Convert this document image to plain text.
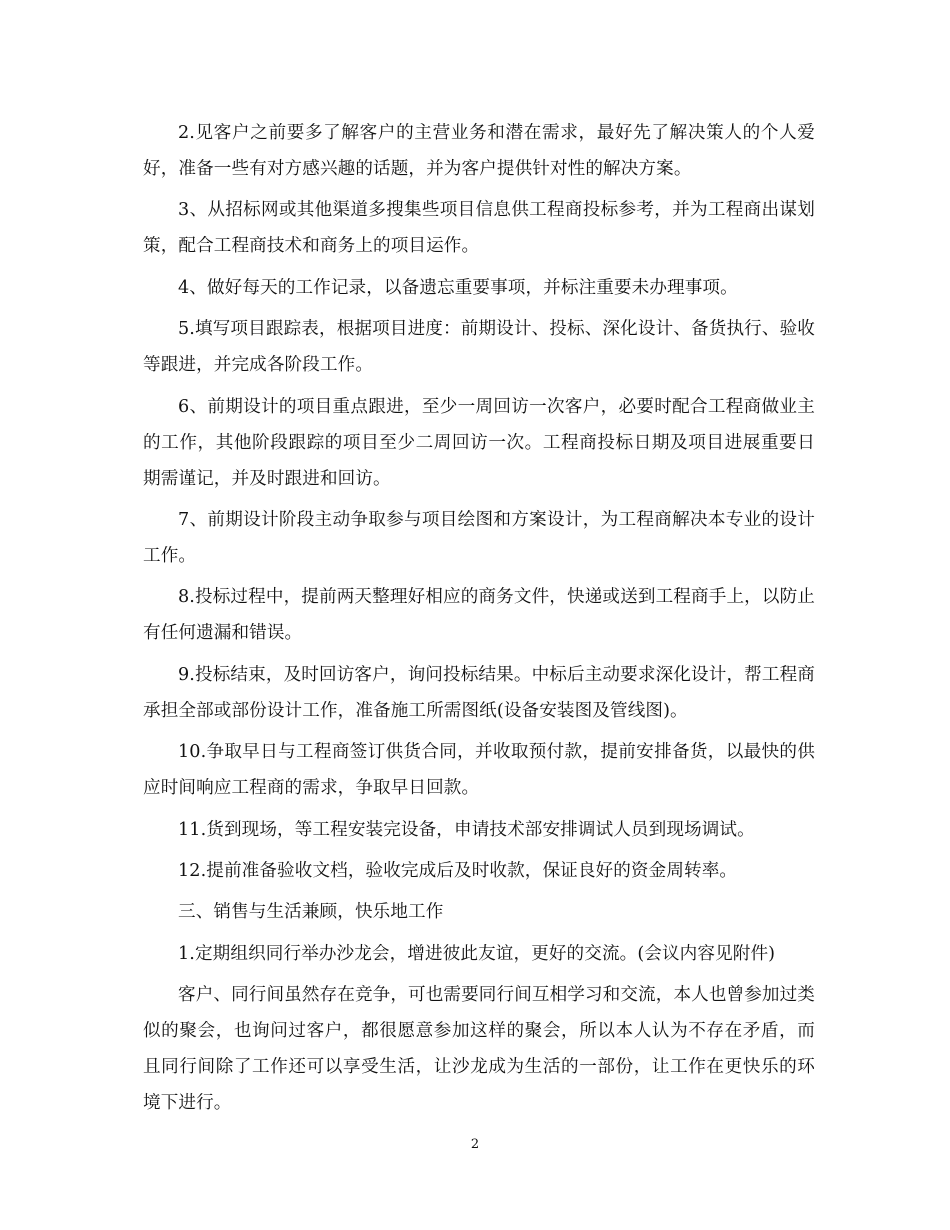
2.见客户之前要多了解客户的主营业务和潜在需求，最好先了解决策人的个人爱好，准备一些有对方感兴趣的话题，并为客户提供针对性的解决方案。

3、从招标网或其他渠道多搜集些项目信息供工程商投标参考，并为工程商出谋划策，配合工程商技术和商务上的项目运作。

4、做好每天的工作记录，以备遗忘重要事项，并标注重要未办理事项。

5.填写项目跟踪表，根据项目进度：前期设计、投标、深化设计、备货执行、验收等跟进，并完成各阶段工作。

6、前期设计的项目重点跟进，至少一周回访一次客户，必要时配合工程商做业主的工作，其他阶段跟踪的项目至少二周回访一次。工程商投标日期及项目进展重要日期需谨记，并及时跟进和回访。

7、前期设计阶段主动争取参与项目绘图和方案设计，为工程商解决本专业的设计工作。

8.投标过程中，提前两天整理好相应的商务文件，快递或送到工程商手上，以防止有任何遗漏和错误。

9.投标结束，及时回访客户，询问投标结果。中标后主动要求深化设计，帮工程商承担全部或部份设计工作，准备施工所需图纸(设备安装图及管线图)。

10.争取早日与工程商签订供货合同，并收取预付款，提前安排备货，以最快的供应时间响应工程商的需求，争取早日回款。

11.货到现场，等工程安装完设备，申请技术部安排调试人员到现场调试。

12.提前准备验收文档，验收完成后及时收款，保证良好的资金周转率。

三、销售与生活兼顾，快乐地工作

1.定期组织同行举办沙龙会，增进彼此友谊，更好的交流。(会议内容见附件)

客户、同行间虽然存在竞争，可也需要同行间互相学习和交流，本人也曾参加过类似的聚会，也询问过客户，都很愿意参加这样的聚会，所以本人认为不存在矛盾，而且同行间除了工作还可以享受生活，让沙龙成为生活的一部份，让工作在更快乐的环境下进行。

2
